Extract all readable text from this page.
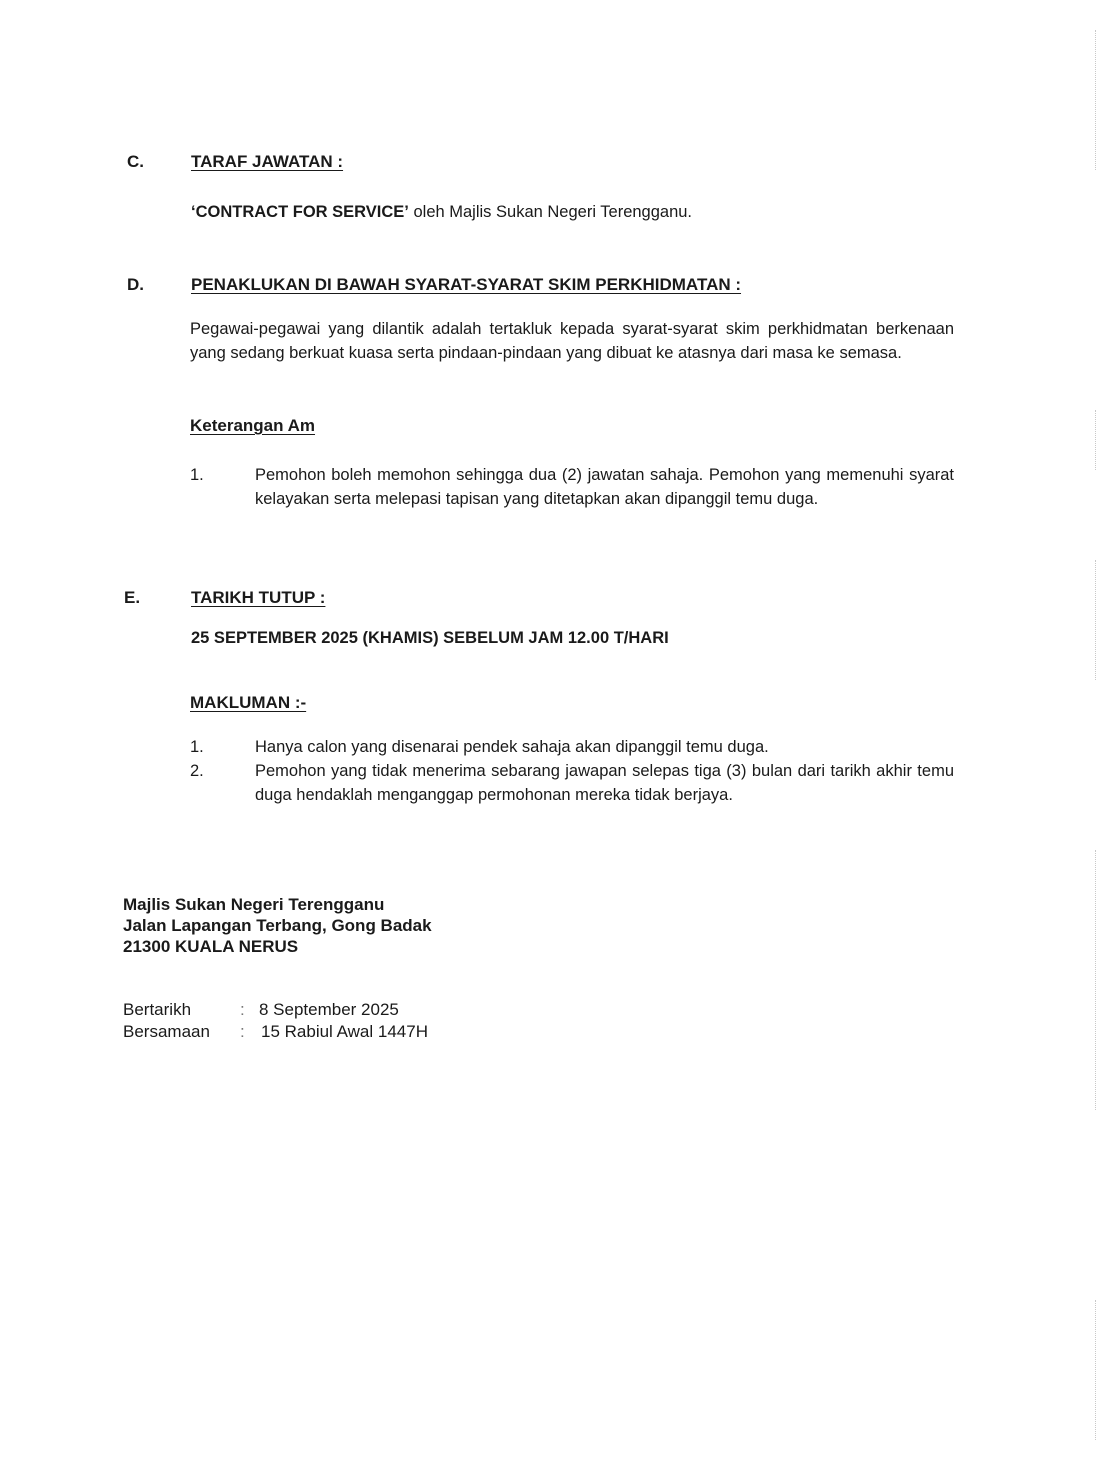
C.	TARAF JAWATAN :
‘CONTRACT FOR SERVICE’ oleh Majlis Sukan Negeri Terengganu.
D.	PENAKLUKAN DI BAWAH SYARAT-SYARAT SKIM PERKHIDMATAN :
Pegawai-pegawai yang dilantik adalah tertakluk kepada syarat-syarat skim perkhidmatan berkenaan yang sedang berkuat kuasa serta pindaan-pindaan yang dibuat ke atasnya dari masa ke semasa.
Keterangan Am
1.	Pemohon boleh memohon sehingga dua (2) jawatan sahaja. Pemohon yang memenuhi syarat kelayakan serta melepasi tapisan yang ditetapkan akan dipanggil temu duga.
E.	TARIKH TUTUP :
25 SEPTEMBER 2025 (KHAMIS) SEBELUM JAM 12.00 T/HARI
MAKLUMAN :-
1.	Hanya calon yang disenarai pendek sahaja akan dipanggil temu duga.
2.	Pemohon yang tidak menerima sebarang jawapan selepas tiga (3) bulan dari tarikh akhir temu duga hendaklah menganggap permohonan mereka tidak berjaya.
Majlis Sukan Negeri Terengganu
Jalan Lapangan Terbang, Gong Badak
21300 KUALA NERUS
Bertarikh	: 8 September 2025
Bersamaan : 15 Rabiul Awal 1447H
